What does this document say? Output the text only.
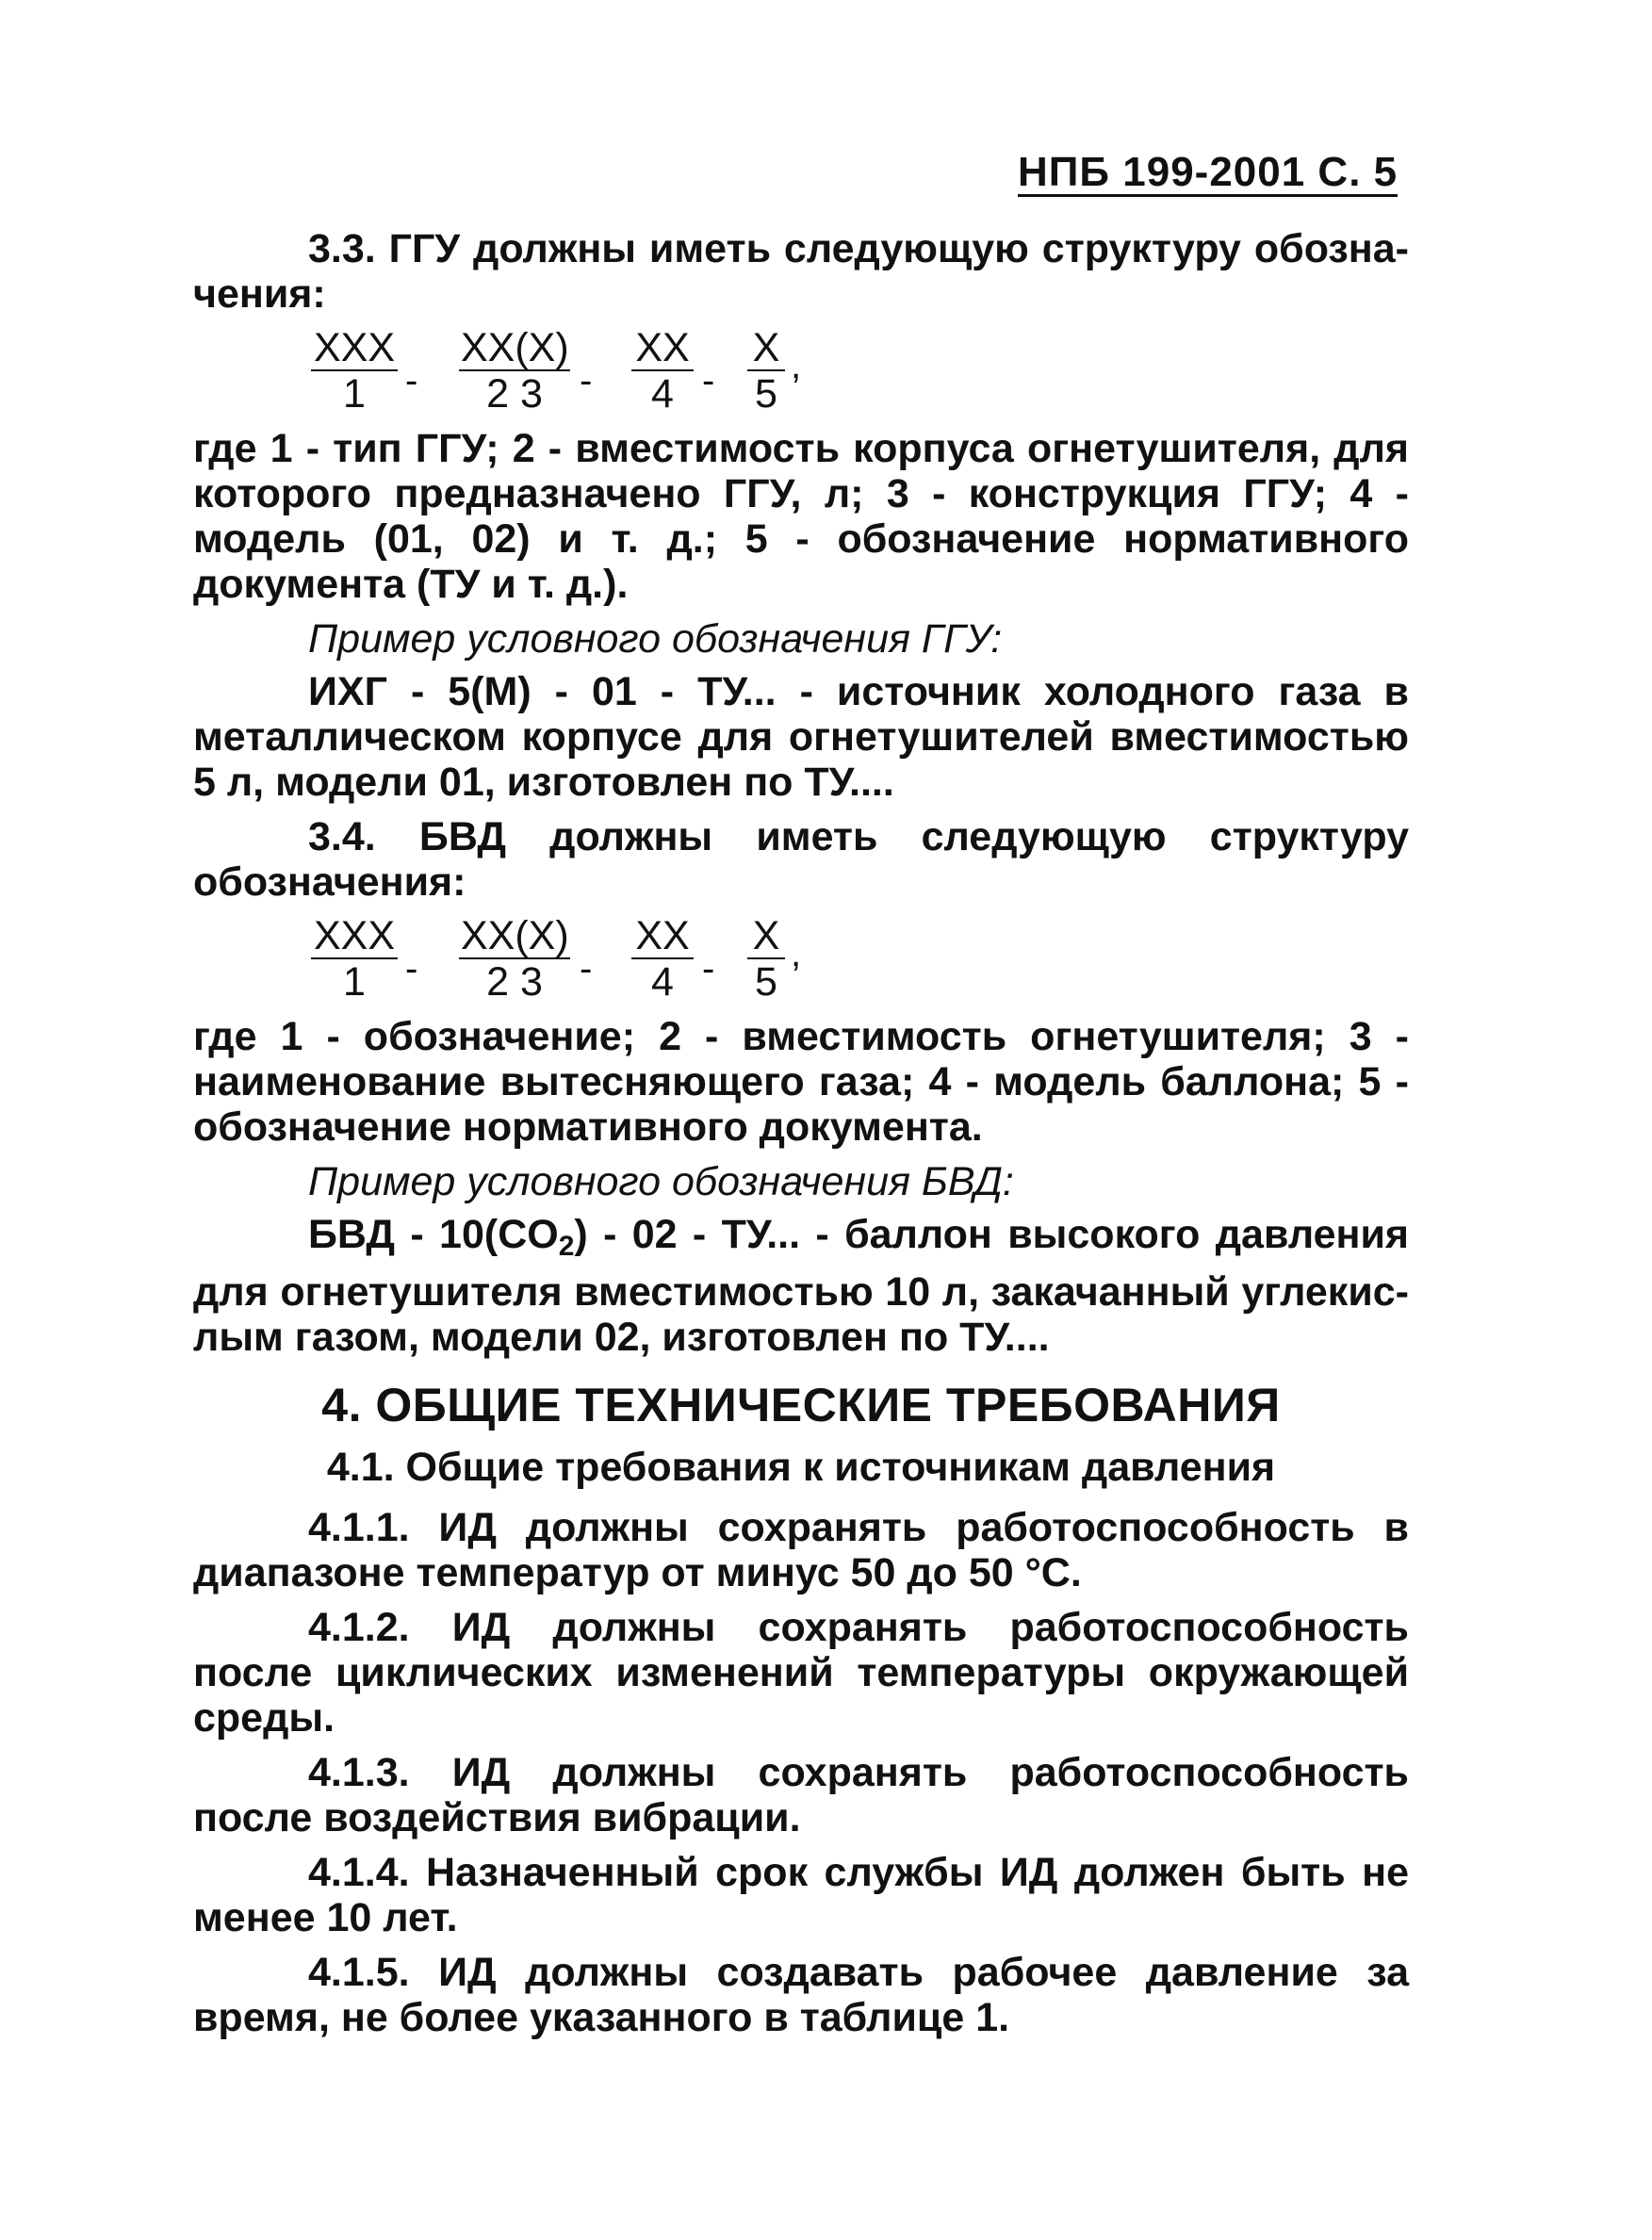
НПБ 199-2001 С. 5

3.3. ГГУ должны иметь следующую структуру обозначения:

XXX
1	- $\frac{XX(X)}{2 3} - \frac{XX}{4} - \frac{X}{5}$ ,

где 1 - тип ГГУ; 2 - вместимость корпуса огнетушителя, для которого предназначено ГГУ, л; 3 - конструкция ГГУ; 4 - модель (01, 02) и т. д.; 5 - обозначение нормативного документа (ТУ и т. д.).

Пример условного обозначения ГГУ:

ИХГ - 5(М) - 01 - ТУ... - источник холодного газа в металлическом корпусе для огнетушителей вместимостью 5 л, модели 01, изготовлен по ТУ....

3.4. БВД должны иметь следующую структуру обозначения:

XXX
1	- $\frac{XX(X)}{2 3} - \frac{XX}{4} - \frac{X}{5}$ ,

где 1 - обозначение; 2 - вместимость огнетушителя; 3 - наименование вытесняющего газа; 4 - модель баллона; 5 - обозначение нормативного документа.

Пример условного обозначения БВД:

БВД - $10(CO_2) - 02$ - ТУ... - баллон высокого давления для огнетушителя вместимостью 10 л, закачанный углекислым газом, модели 02, изготовлен по ТУ....

4. ОБЩИЕ ТЕХНИЧЕСКИЕ ТРЕБОВАНИЯ
4.1. Общие требования к источникам давления

4.1.1. ИД должны сохранять работоспособность в диапазоне температур от минус 50 до 50 °С.

4.1.2. ИД должны сохранять работоспособность после циклических изменений температуры окружающей среды.

4.1.3. ИД должны сохранять работоспособность после воздействия вибрации.

4.1.4. Назначенный срок службы ИД должен быть не менее 10 лет.

4.1.5. ИД должны создавать рабочее давление за время, не более указанного в таблице 1.
